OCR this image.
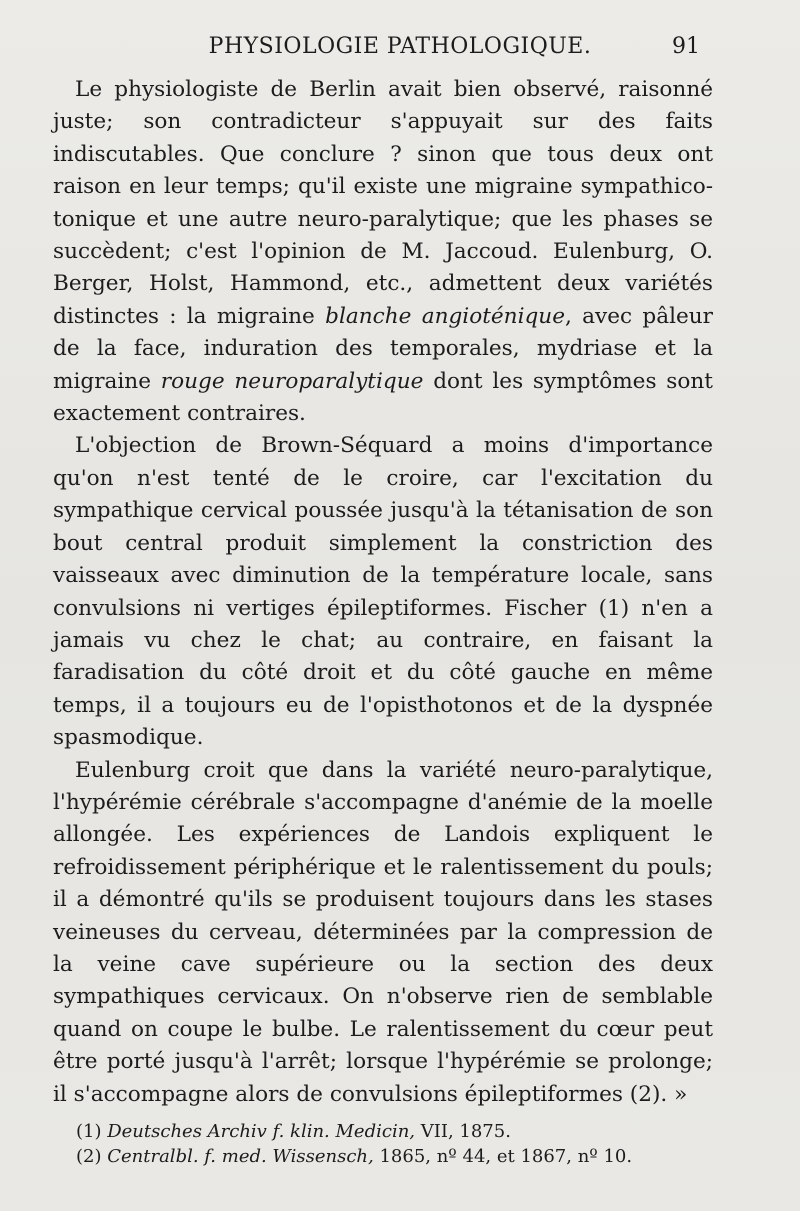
PHYSIOLOGIE PATHOLOGIQUE.	91

Le physiologiste de Berlin avait bien observé, raisonné juste; son contradicteur s'appuyait sur des faits indiscutables. Que conclure ? sinon que tous deux ont raison en leur temps; qu'il existe une migraine sympathico-tonique et une autre neuro-paralytique; que les phases se succèdent; c'est l'opinion de M. Jaccoud. Eulenburg, O. Berger, Holst, Hammond, etc., admettent deux variétés distinctes : la migraine blanche angioténique, avec pâleur de la face, induration des temporales, mydriase et la migraine rouge neuroparalytique dont les symptômes sont exactement contraires.

L'objection de Brown-Séquard a moins d'importance qu'on n'est tenté de le croire, car l'excitation du sympathique cervical poussée jusqu'à la tétanisation de son bout central produit simplement la constriction des vaisseaux avec diminution de la température locale, sans convulsions ni vertiges épileptiformes. Fischer (1) n'en a jamais vu chez le chat; au contraire, en faisant la faradisation du côté droit et du côté gauche en même temps, il a toujours eu de l'opisthotonos et de la dyspnée spasmodique.

Eulenburg croit que dans la variété neuro-paralytique, l'hypérémie cérébrale s'accompagne d'anémie de la moelle allongée. Les expériences de Landois expliquent le refroidissement périphérique et le ralentissement du pouls; il a démontré qu'ils se produisent toujours dans les stases veineuses du cerveau, déterminées par la compression de la veine cave supérieure ou la section des deux sympathiques cervicaux. On n'observe rien de semblable quand on coupe le bulbe. Le ralentissement du cœur peut être porté jusqu'à l'arrêt; lorsque l'hypérémie se prolonge; il s'accompagne alors de convulsions épileptiformes (2). »

(1) Deutsches Archiv f. klin. Medicin, VII, 1875.

(2) Centralbl. f. med. Wissensch, 1865, nº 44, et 1867, nº 10.
